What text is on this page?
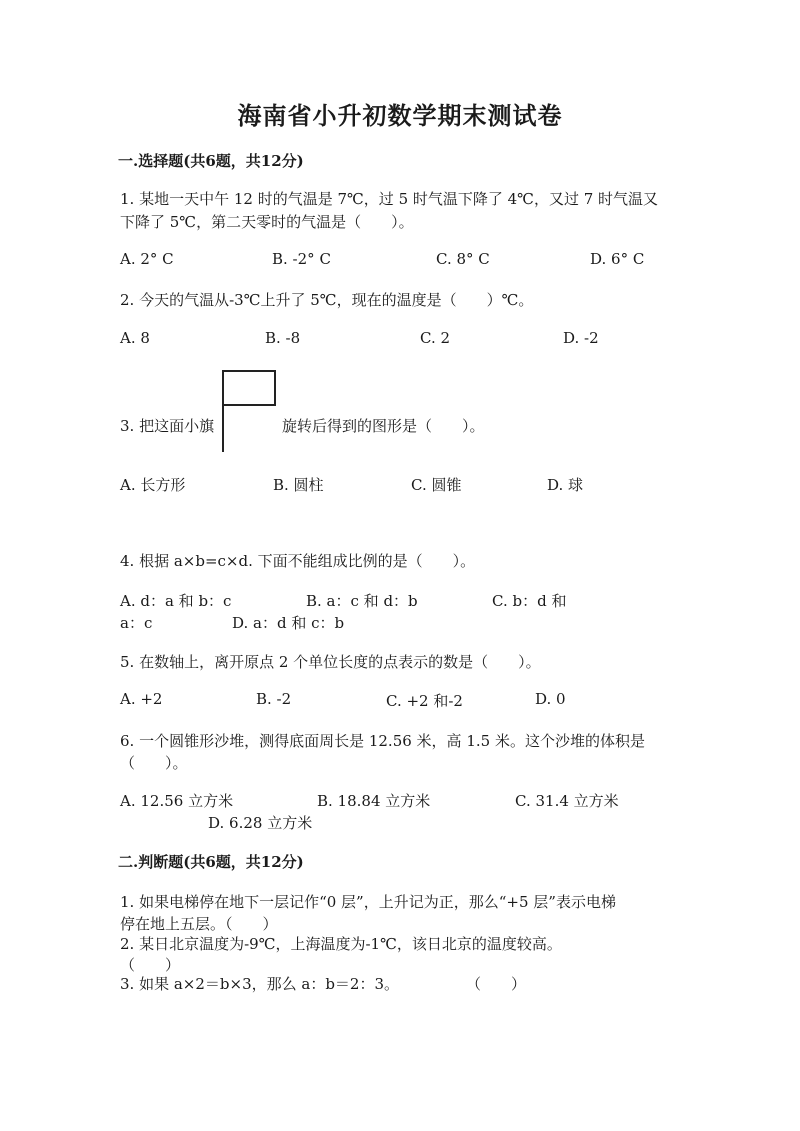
海南省小升初数学期末测试卷
一.选择题(共6题，共12分)
1. 某地一天中午 12 时的气温是 7℃，过 5 时气温下降了 4℃，又过 7 时气温又
下降了 5℃，第二天零时的气温是（　　）。
A. 2° C	B. -2° C	C. 8° C	D. 6° C
2. 今天的气温从-3℃上升了 5℃，现在的温度是（　　）℃。
A. 8	B. -8	C. 2	D. -2
3. 把这面小旗	旋转后得到的图形是（　　）。
A. 长方形	B. 圆柱	C. 圆锥	D. 球
4. 根据 a×b=c×d. 下面不能组成比例的是（　　）。
A. d：a 和 b：c	B. a：c 和 d：b	C. b：d 和
a：c	D. a：d 和 c：b
5. 在数轴上，离开原点 2 个单位长度的点表示的数是（　　）。
A. +2	B. -2	C. +2 和-2	D. 0
6. 一个圆锥形沙堆，测得底面周长是 12.56 米，高 1.5 米。这个沙堆的体积是
（　　）。
A. 12.56 立方米	B. 18.84 立方米	C. 31.4 立方米
D. 6.28 立方米
二.判断题(共6题，共12分)
1. 如果电梯停在地下一层记作“0 层”，上升记为正，那么“+5 层”表示电梯
停在地上五层。（　　）
2. 某日北京温度为-9℃，上海温度为-1℃，该日北京的温度较高。
（　　）
3. 如果 a×2＝b×3，那么 a：b＝2：3。	（　　）
